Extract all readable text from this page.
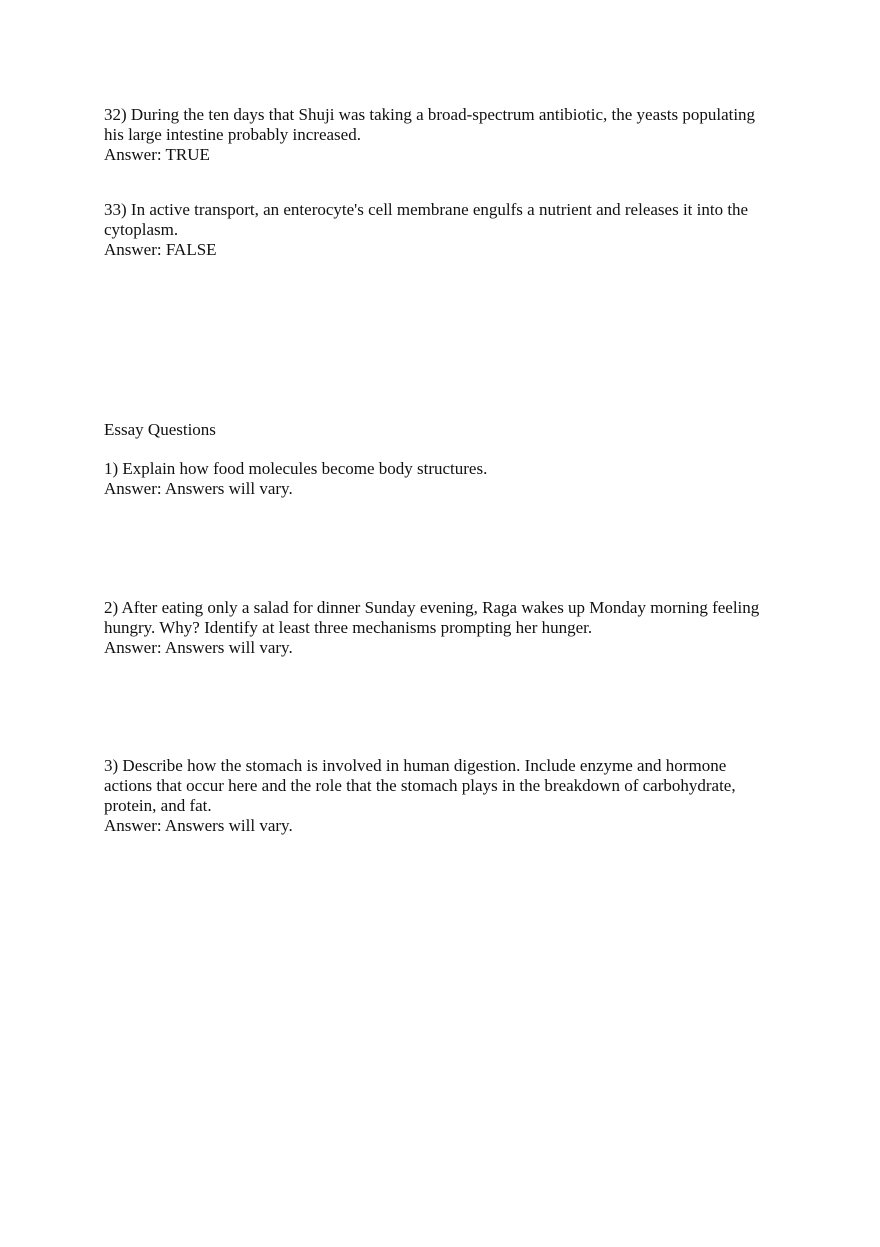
32) During the ten days that Shuji was taking a broad-spectrum antibiotic, the yeasts populating his large intestine probably increased.

Answer: TRUE

33) In active transport, an enterocyte's cell membrane engulfs a nutrient and releases it into the cytoplasm.

Answer: FALSE

Essay Questions

1) Explain how food molecules become body structures.

Answer: Answers will vary.

2) After eating only a salad for dinner Sunday evening, Raga wakes up Monday morning feeling hungry. Why? Identify at least three mechanisms prompting her hunger.

Answer: Answers will vary.

3) Describe how the stomach is involved in human digestion. Include enzyme and hormone actions that occur here and the role that the stomach plays in the breakdown of carbohydrate, protein, and fat.

Answer: Answers will vary.
